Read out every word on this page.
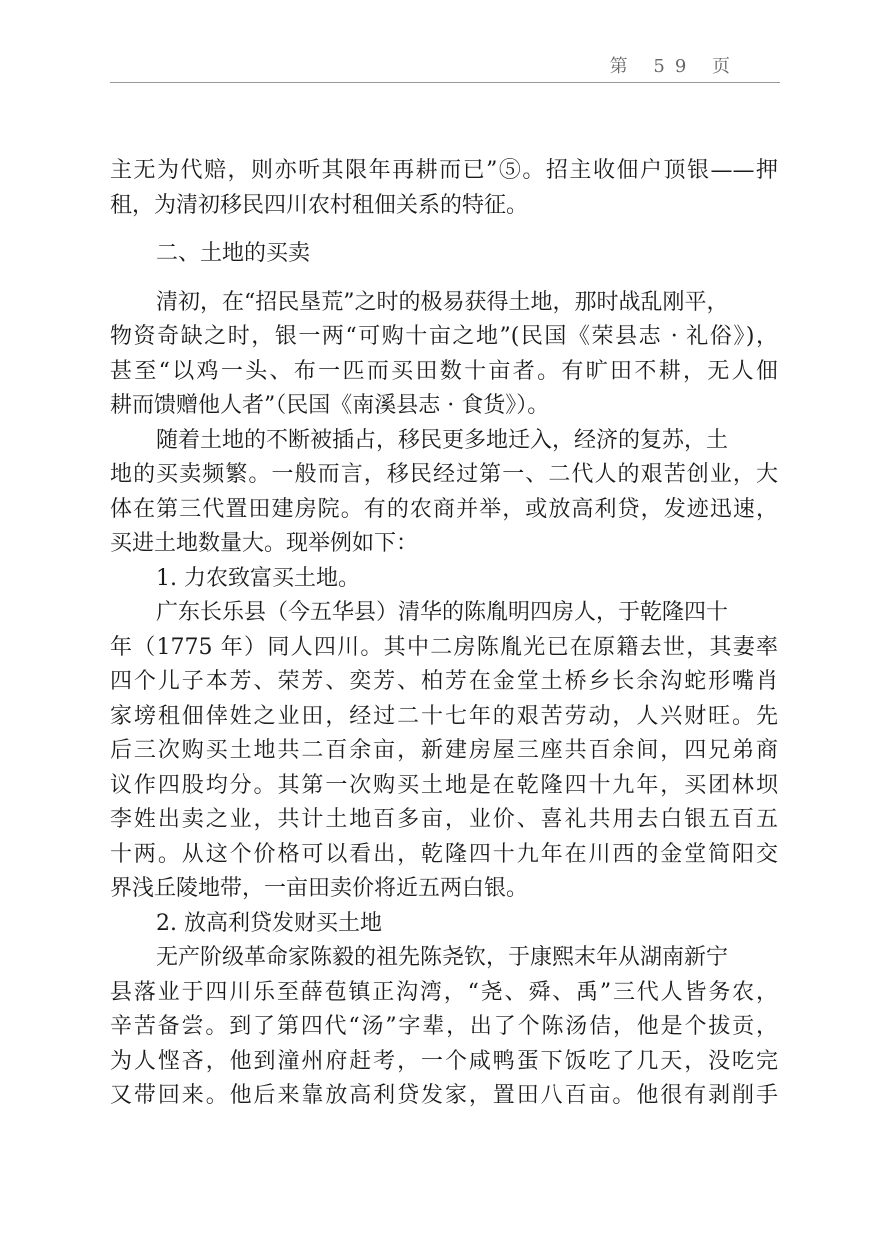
第 59 页

主无为代赔，则亦听其限年再耕而已”⑤。招主收佃户顶银——押
租，为清初移民四川农村租佃关系的特征。

二、土地的买卖

清初，在“招民垦荒”之时的极易获得土地，那时战乱刚平，
物资奇缺之时，银一两“可购十亩之地”(民国《荣县志 · 礼俗》)，
甚至“以鸡一头、布一匹而买田数十亩者。有旷田不耕，无人佃
耕而馈赠他人者”（民国《南溪县志 · 食货》）。

随着土地的不断被插占，移民更多地迁入，经济的复苏，土
地的买卖频繁。一般而言，移民经过第一、二代人的艰苦创业，大
体在第三代置田建房院。有的农商并举，或放高利贷，发迹迅速，
买进土地数量大。现举例如下：

1. 力农致富买土地。

广东长乐县（今五华县）清华的陈胤明四房人，于乾隆四十
年（1775 年）同人四川。其中二房陈胤光已在原籍去世，其妻率
四个儿子本芳、荣芳、奕芳、柏芳在金堂土桥乡长余沟蛇形嘴肖
家塝租佃倖姓之业田，经过二十七年的艰苦劳动，人兴财旺。先
后三次购买土地共二百余亩，新建房屋三座共百余间，四兄弟商
议作四股均分。其第一次购买土地是在乾隆四十九年，买团林坝
李姓出卖之业，共计土地百多亩，业价、喜礼共用去白银五百五
十两。从这个价格可以看出，乾隆四十九年在川西的金堂简阳交
界浅丘陵地带，一亩田卖价将近五两白银。

2. 放高利贷发财买土地

无产阶级革命家陈毅的祖先陈尧钦，于康熙末年从湖南新宁
县落业于四川乐至薛苞镇正沟湾，“尧、舜、禹”三代人皆务农，
辛苦备尝。到了第四代“汤”字辈，出了个陈汤佶，他是个拔贡，
为人悭吝，他到潼州府赶考，一个咸鸭蛋下饭吃了几天，没吃完
又带回来。他后来靠放高利贷发家，置田八百亩。他很有剥削手
